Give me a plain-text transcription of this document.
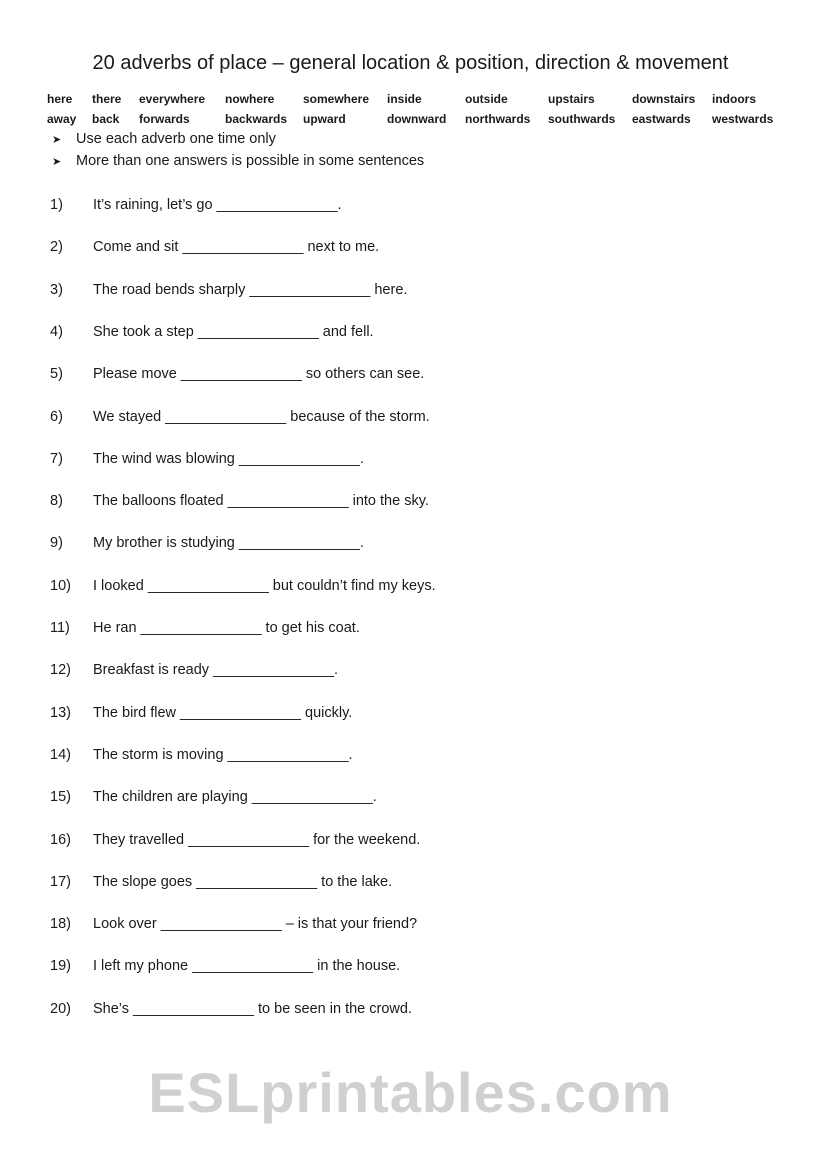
20 adverbs of place – general location & position, direction & movement
here there everywhere nowhere somewhere inside	outside	upstairs	downstairs indoors
away back forwards	backwards upward	downward northwards southwards eastwards westwards
➤ Use each adverb one time only
➤ More than one answers is possible in some sentences
1) It’s raining, let’s go _______________.
2) Come and sit _______________ next to me.
3) The road bends sharply _______________ here.
4) She took a step _______________ and fell.
5) Please move _______________ so others can see.
6) We stayed _______________ because of the storm.
7) The wind was blowing _______________.
8) The balloons floated _______________ into the sky.
9) My brother is studying _______________.
10) I looked _______________ but couldn’t find my keys.
11) He ran _______________ to get his coat.
12) Breakfast is ready _______________.
13) The bird flew _______________ quickly.
14) The storm is moving _______________.
15) The children are playing _______________.
16) They travelled _______________ for the weekend.
17) The slope goes _______________ to the lake.
18) Look over _______________ – is that your friend?
19) I left my phone _______________ in the house.
20) She’s _______________ to be seen in the crowd.
ESLprintables.com
